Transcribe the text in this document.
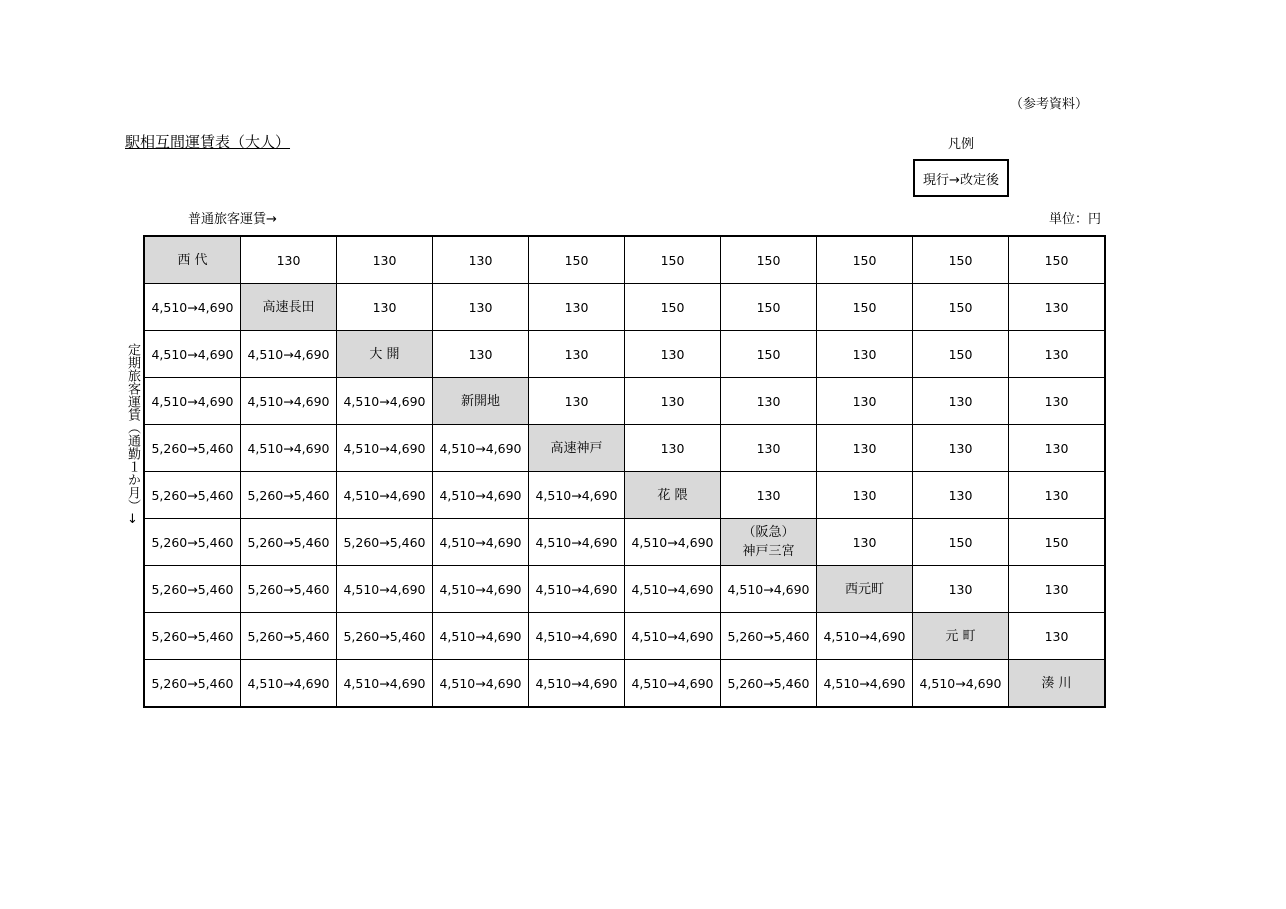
（参考資料）
駅相互間運賃表（大人）	凡例
現行→改定後
普通旅客運賃→	単位：円
定期旅客運賃（通勤１か月）↓
西 代	130	130	130	150	150	150	150	150	150
4,510→4,690	高速長田	130	130	130	150	150	150	150	130
4,510→4,690	4,510→4,690	大 開	130	130	130	150	130	150	130
4,510→4,690	4,510→4,690	4,510→4,690	新開地	130	130	130	130	130	130
5,260→5,460	4,510→4,690	4,510→4,690	4,510→4,690	高速神戸	130	130	130	130	130
5,260→5,460	5,260→5,460	4,510→4,690	4,510→4,690	4,510→4,690	花 隈	130	130	130	130
5,260→5,460	5,260→5,460	5,260→5,460	4,510→4,690	4,510→4,690	4,510→4,690	（阪急）
神戸三宮	130	150	150
5,260→5,460	5,260→5,460	4,510→4,690	4,510→4,690	4,510→4,690	4,510→4,690	4,510→4,690	西元町	130	130
5,260→5,460	5,260→5,460	5,260→5,460	4,510→4,690	4,510→4,690	4,510→4,690	5,260→5,460	4,510→4,690	元 町	130
5,260→5,460	4,510→4,690	4,510→4,690	4,510→4,690	4,510→4,690	4,510→4,690	5,260→5,460	4,510→4,690	4,510→4,690	湊 川
